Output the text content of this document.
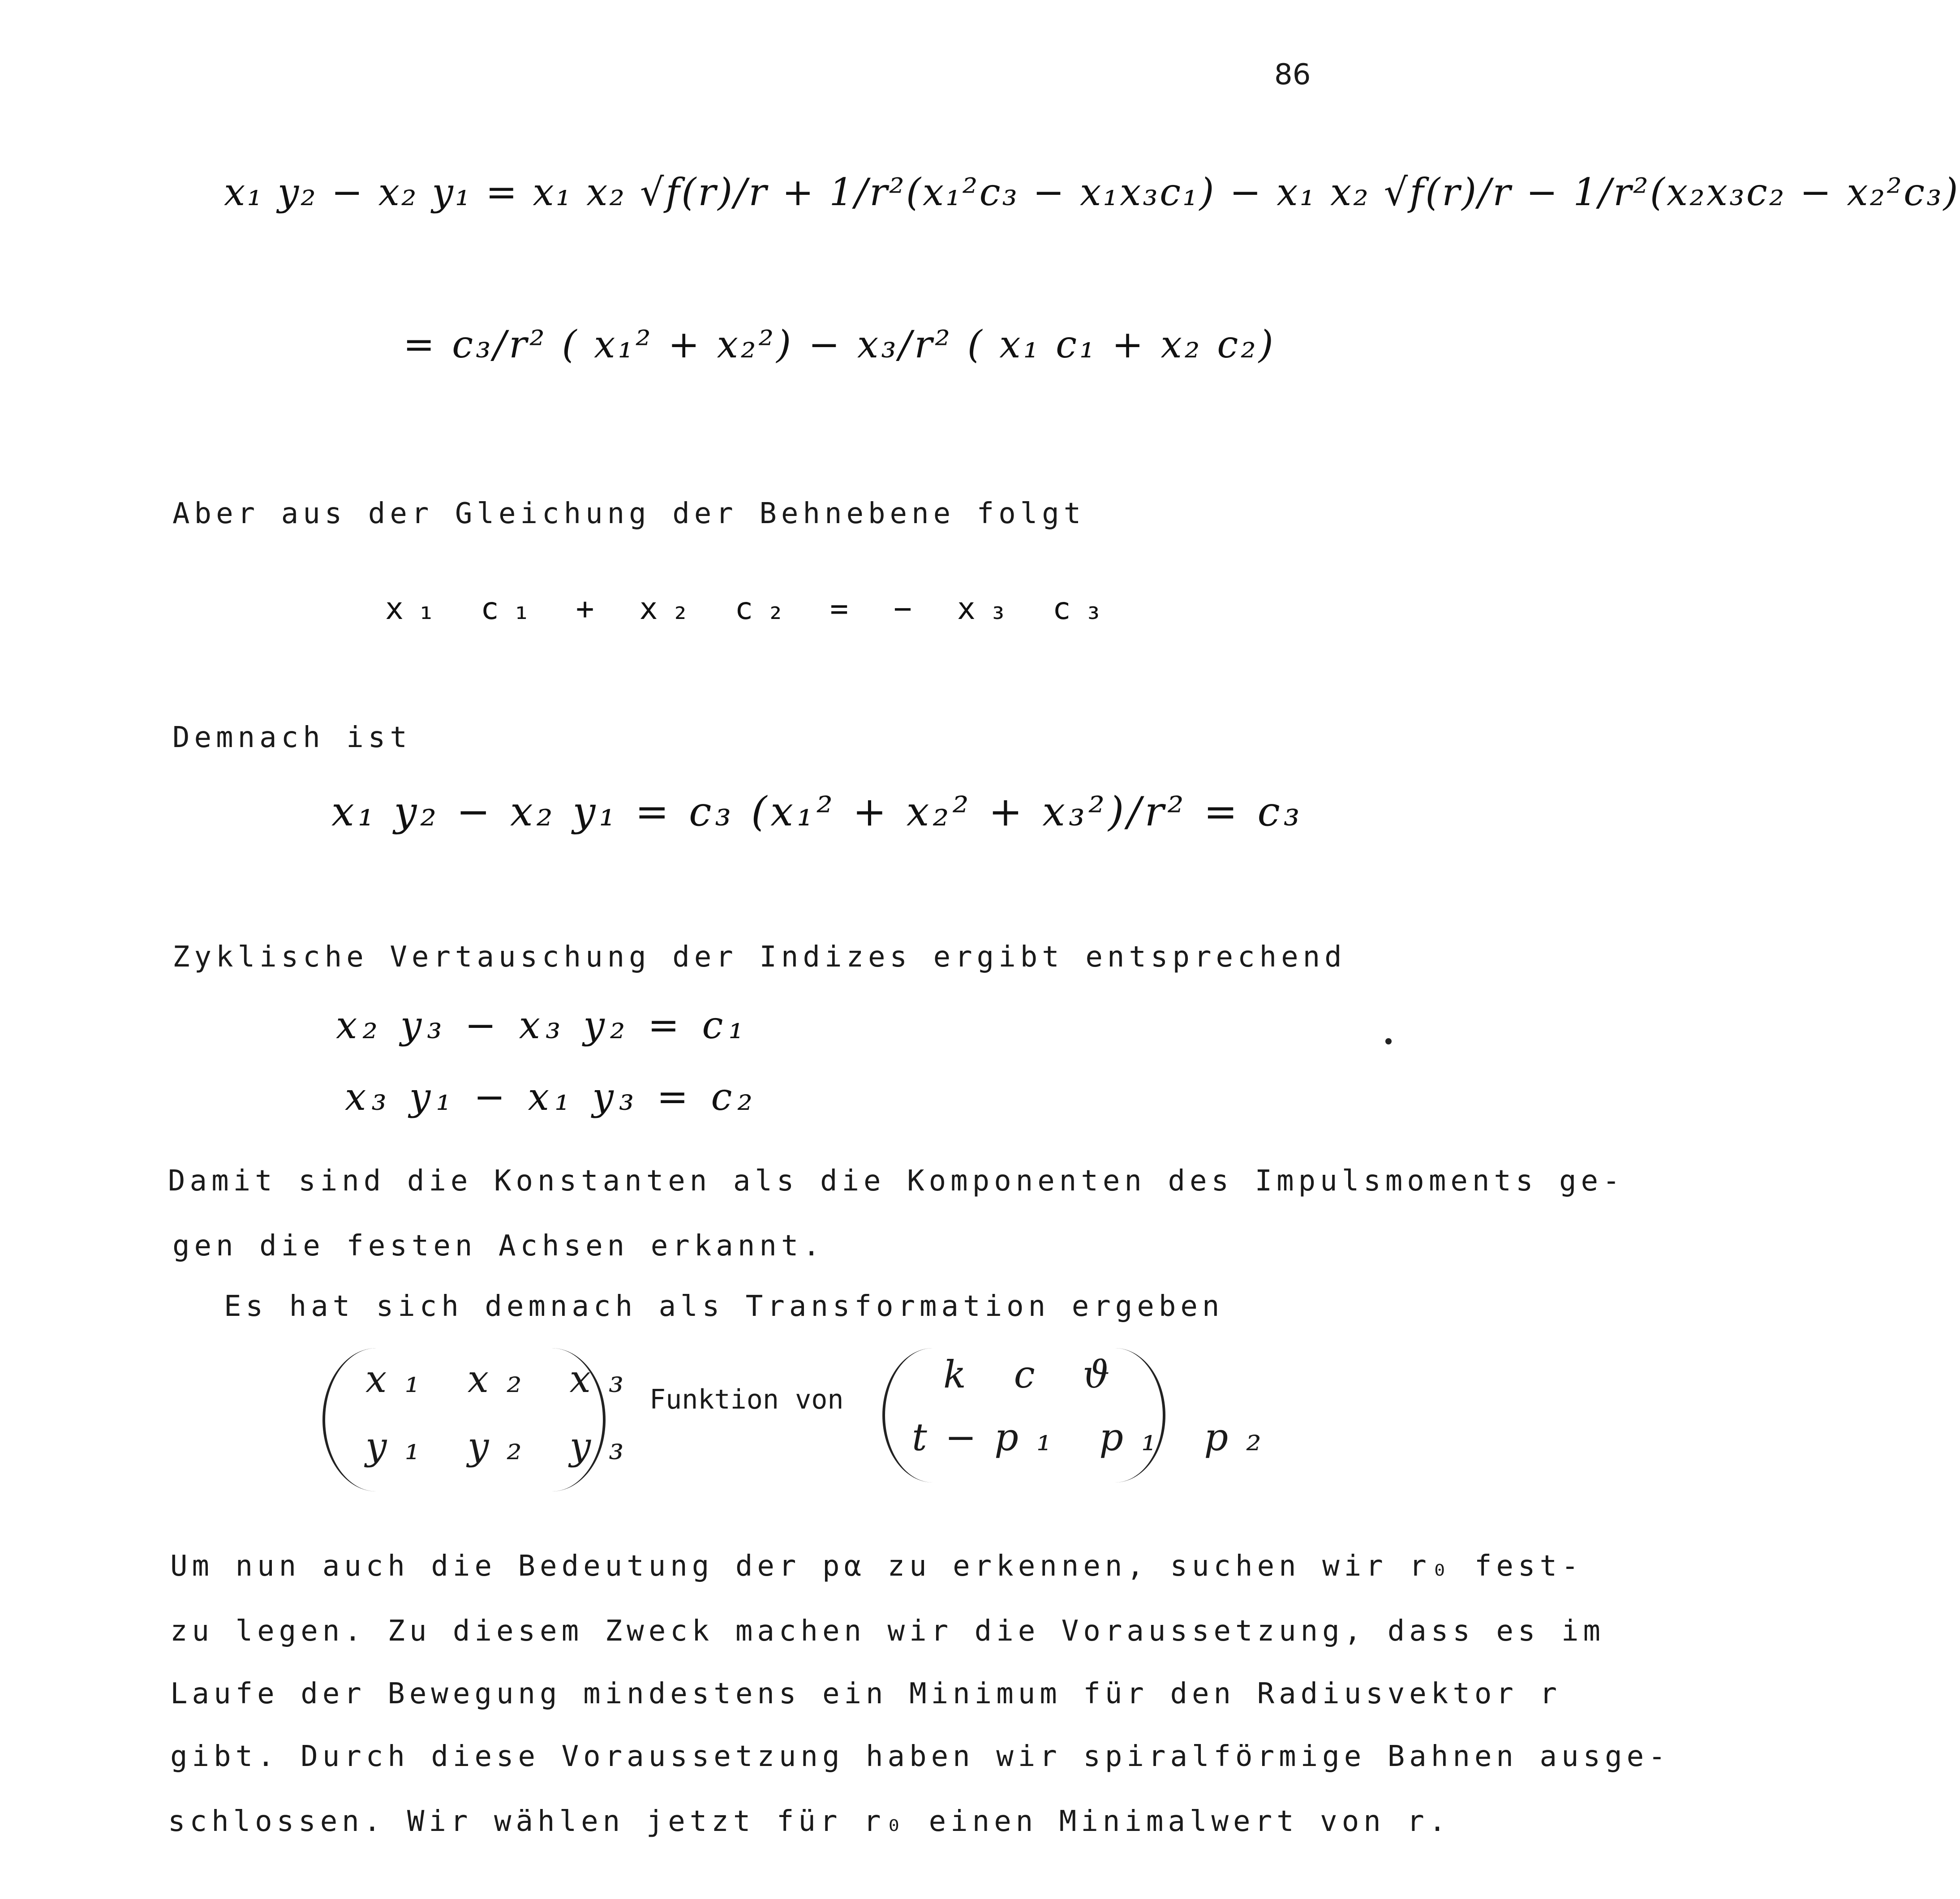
86
x₁ y₂ − x₂ y₁ = x₁ x₂ √f(r)/r + 1/r²(x₁²c₃ − x₁x₃c₁) − x₁ x₂ √f(r)/r − 1/r²(x₂x₃c₂ − x₂²c₃)
= c₃/r² ( x₁² + x₂²) − x₃/r² ( x₁ c₁ + x₂ c₂)
Aber aus der Gleichung der Behnebene folgt
x₁ c₁ + x₂ c₂ = − x₃ c₃
Demnach ist
x₁ y₂ − x₂ y₁ = c₃ (x₁² + x₂² + x₃²)/r² = c₃
Zyklische Vertauschung der Indizes ergibt entsprechend
x₂ y₃ − x₃ y₂ = c₁
x₃ y₁ − x₁ y₃ = c₂
Damit sind die Konstanten als die Komponenten des Impulsmoments ge-
gen die festen Achsen erkannt.
Es hat sich demnach als Transformation ergeben
x₁ x₂ x₃
y₁ y₂ y₃
Funktion von
k c ϑ
t−p₁ p₁ p₂
Um nun auch die Bedeutung der pα zu erkennen, suchen wir r₀ fest-
zu legen. Zu diesem Zweck machen wir die Voraussetzung, dass es im
Laufe der Bewegung mindestens ein Minimum für den Radiusvektor r
gibt. Durch diese Voraussetzung haben wir spiralförmige Bahnen ausge-
schlossen. Wir wählen jetzt für r₀ einen Minimalwert von r.
